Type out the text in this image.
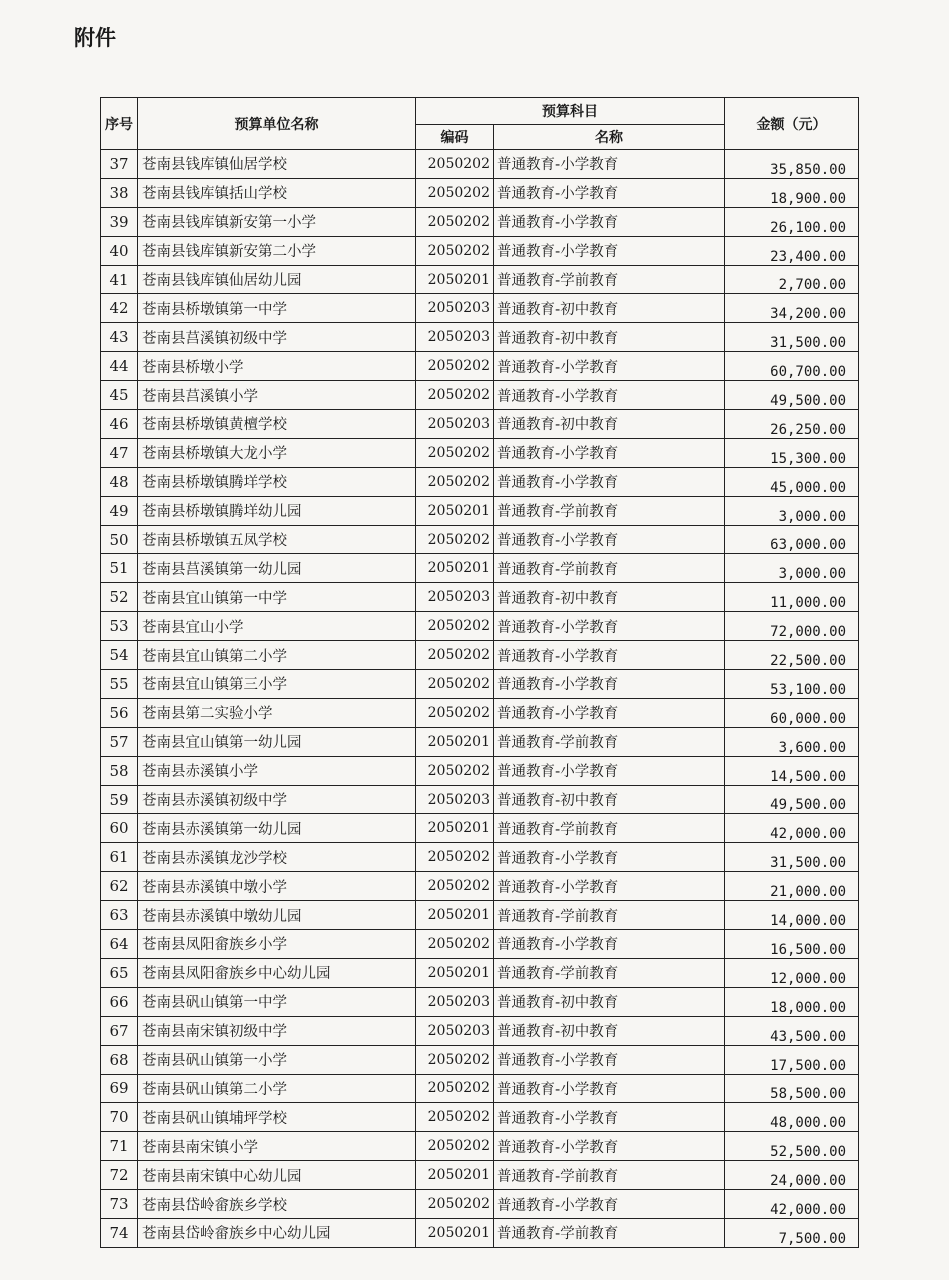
附件
序号	预算单位名称	预算科目		金额（元）
		编码	名称	
37	苍南县钱库镇仙居学校	2050202	普通教育-小学教育	35,850.00
38	苍南县钱库镇括山学校	2050202	普通教育-小学教育	18,900.00
39	苍南县钱库镇新安第一小学	2050202	普通教育-小学教育	26,100.00
40	苍南县钱库镇新安第二小学	2050202	普通教育-小学教育	23,400.00
41	苍南县钱库镇仙居幼儿园	2050201	普通教育-学前教育	2,700.00
42	苍南县桥墩镇第一中学	2050203	普通教育-初中教育	34,200.00
43	苍南县莒溪镇初级中学	2050203	普通教育-初中教育	31,500.00
44	苍南县桥墩小学	2050202	普通教育-小学教育	60,700.00
45	苍南县莒溪镇小学	2050202	普通教育-小学教育	49,500.00
46	苍南县桥墩镇黄檀学校	2050203	普通教育-初中教育	26,250.00
47	苍南县桥墩镇大龙小学	2050202	普通教育-小学教育	15,300.00
48	苍南县桥墩镇腾垟学校	2050202	普通教育-小学教育	45,000.00
49	苍南县桥墩镇腾垟幼儿园	2050201	普通教育-学前教育	3,000.00
50	苍南县桥墩镇五凤学校	2050202	普通教育-小学教育	63,000.00
51	苍南县莒溪镇第一幼儿园	2050201	普通教育-学前教育	3,000.00
52	苍南县宜山镇第一中学	2050203	普通教育-初中教育	11,000.00
53	苍南县宜山小学	2050202	普通教育-小学教育	72,000.00
54	苍南县宜山镇第二小学	2050202	普通教育-小学教育	22,500.00
55	苍南县宜山镇第三小学	2050202	普通教育-小学教育	53,100.00
56	苍南县第二实验小学	2050202	普通教育-小学教育	60,000.00
57	苍南县宜山镇第一幼儿园	2050201	普通教育-学前教育	3,600.00
58	苍南县赤溪镇小学	2050202	普通教育-小学教育	14,500.00
59	苍南县赤溪镇初级中学	2050203	普通教育-初中教育	49,500.00
60	苍南县赤溪镇第一幼儿园	2050201	普通教育-学前教育	42,000.00
61	苍南县赤溪镇龙沙学校	2050202	普通教育-小学教育	31,500.00
62	苍南县赤溪镇中墩小学	2050202	普通教育-小学教育	21,000.00
63	苍南县赤溪镇中墩幼儿园	2050201	普通教育-学前教育	14,000.00
64	苍南县凤阳畲族乡小学	2050202	普通教育-小学教育	16,500.00
65	苍南县凤阳畲族乡中心幼儿园	2050201	普通教育-学前教育	12,000.00
66	苍南县矾山镇第一中学	2050203	普通教育-初中教育	18,000.00
67	苍南县南宋镇初级中学	2050203	普通教育-初中教育	43,500.00
68	苍南县矾山镇第一小学	2050202	普通教育-小学教育	17,500.00
69	苍南县矾山镇第二小学	2050202	普通教育-小学教育	58,500.00
70	苍南县矾山镇埔坪学校	2050202	普通教育-小学教育	48,000.00
71	苍南县南宋镇小学	2050202	普通教育-小学教育	52,500.00
72	苍南县南宋镇中心幼儿园	2050201	普通教育-学前教育	24,000.00
73	苍南县岱岭畲族乡学校	2050202	普通教育-小学教育	42,000.00
74	苍南县岱岭畲族乡中心幼儿园	2050201	普通教育-学前教育	7,500.00
